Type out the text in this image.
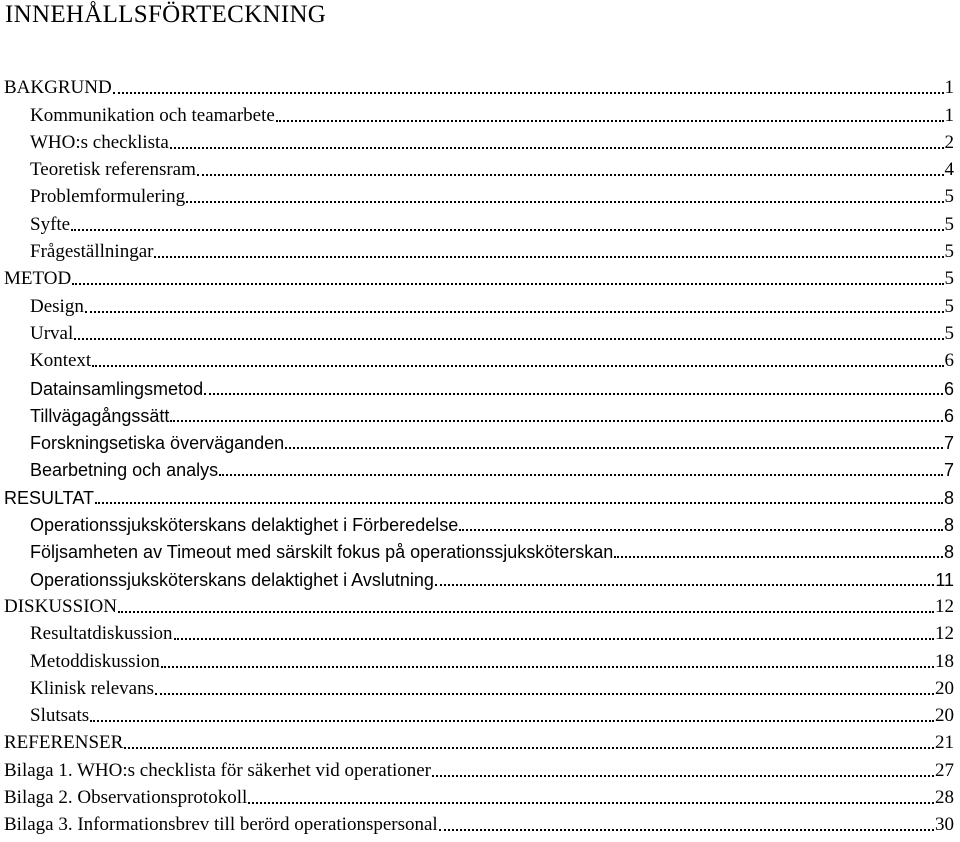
INNEHÅLLSFÖRTECKNING
BAKGRUND	1
Kommunikation och teamarbete	1
WHO:s checklista	2
Teoretisk referensram	4
Problemformulering	5
Syfte	5
Frågeställningar	5
METOD	5
Design	5
Urval	5
Kontext	6
Datainsamlingsmetod	6
Tillvägagångssätt	6
Forskningsetiska överväganden	7
Bearbetning och analys	7
RESULTAT	8
Operationssjuksköterskans delaktighet i Förberedelse	8
Följsamheten av Timeout med särskilt fokus på operationssjuksköterskan	8
Operationssjuksköterskans delaktighet i Avslutning	11
DISKUSSION	12
Resultatdiskussion	12
Metoddiskussion	18
Klinisk relevans	20
Slutsats	20
REFERENSER	21
Bilaga 1. WHO:s checklista för säkerhet vid operationer	27
Bilaga 2. Observationsprotokoll	28
Bilaga 3. Informationsbrev till berörd operationspersonal	30
